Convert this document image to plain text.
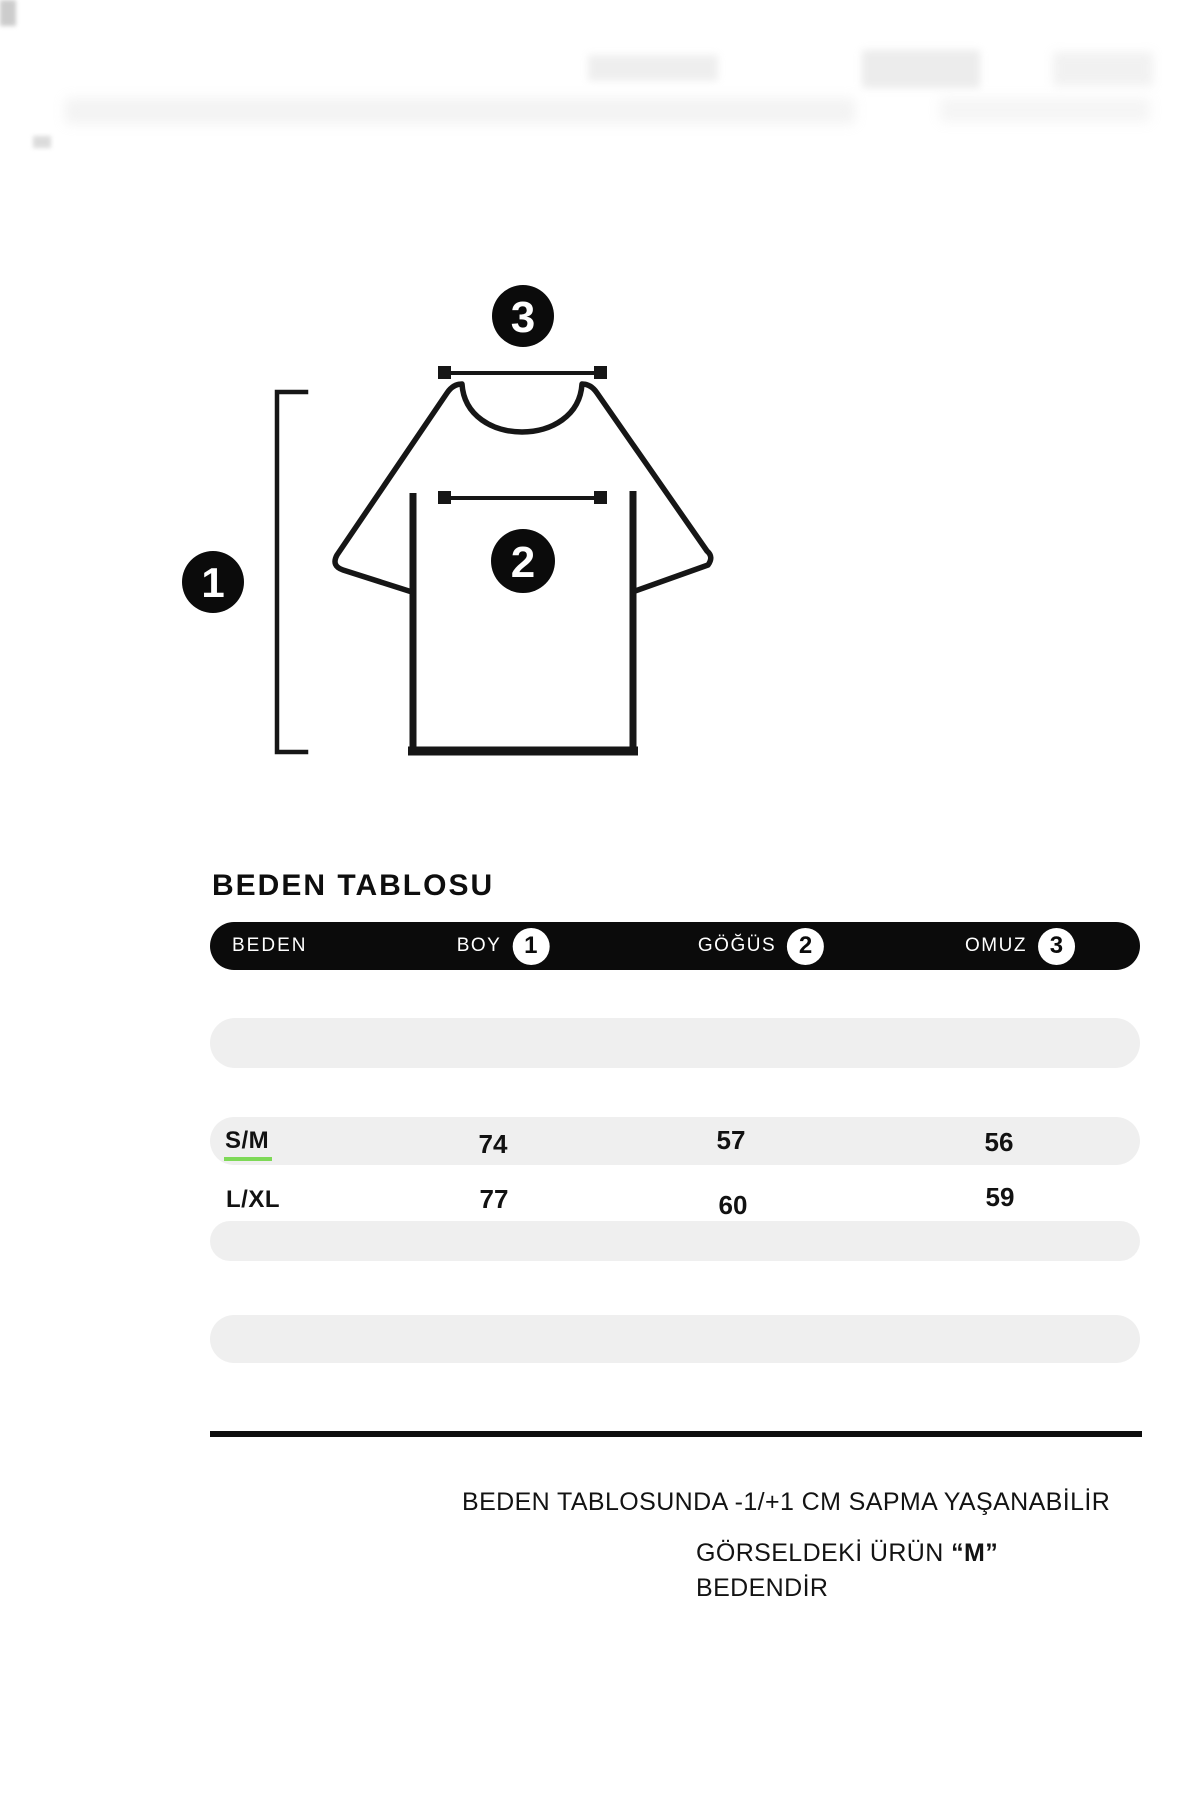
1	2
3
BEDEN TABLOSU
BEDEN	BOY 1	GÖĞÜS 2	OMUZ 3
S/M	74	57	56
L/XL	77	60	59

BEDEN TABLOSUNDA -1/+1 CM SAPMA YAŞANABİLİR

GÖRSELDEKİ ÜRÜN “M”
BEDENDİR
